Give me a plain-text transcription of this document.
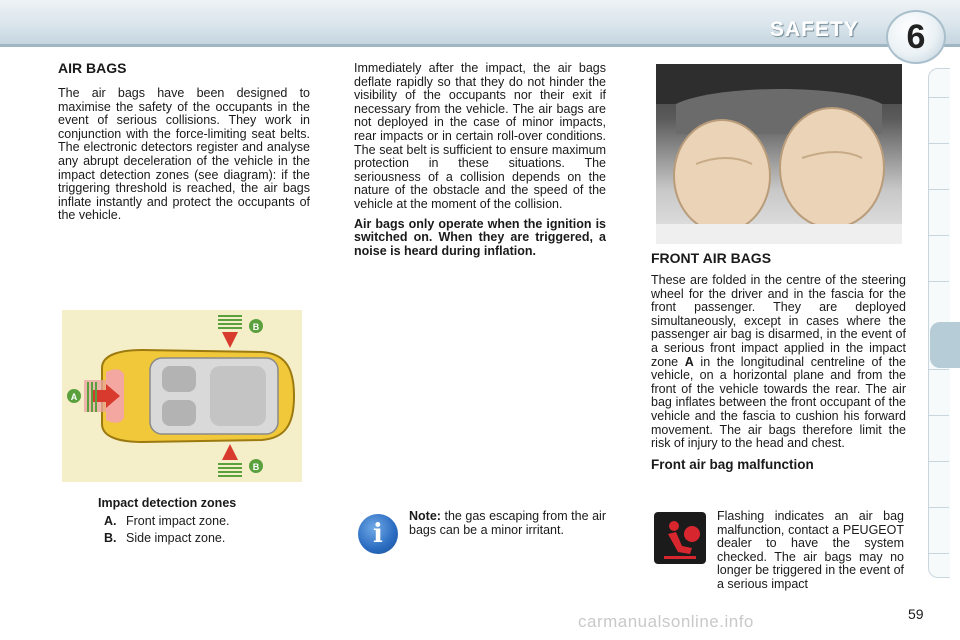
SAFETY	6
AIR BAGS

The air bags have been designed to maximise the safety of the occupants in the event of serious collisions. They work in conjunction with the force-limiting seat belts. The electronic detectors register and analyse any abrupt deceleration of the vehicle in the impact detection zones (see diagram): if the triggering threshold is reached, the air bags inflate instantly and protect the occupants of the vehicle.

B
A
B
Impact detection zones
A. Front impact zone.
B. Side impact zone.

Immediately after the impact, the air bags deflate rapidly so that they do not hinder the visibility of the occupants nor their exit if necessary from the vehicle. The air bags are not deployed in the case of minor impacts, rear impacts or in certain roll-over conditions. The seat belt is sufficient to ensure maximum protection in these situations. The seriousness of a collision depends on the nature of the obstacle and the speed of the vehicle at the moment of the collision.

Air bags only operate when the ignition is switched on. When they are triggered, a noise is heard during inflation.

i
Note: the gas escaping from the air bags can be a minor irritant.
FRONT AIR BAGS

These are folded in the centre of the steering wheel for the driver and in the fascia for the front passenger. They are deployed simultaneously, except in cases where the passenger air bag is disarmed, in the event of a serious front impact applied in the impact zone A in the longitudinal centreline of the vehicle, on a horizontal plane and from the front of the vehicle towards the rear. The air bag inflates between the front occupant of the vehicle and the fascia to cushion his forward movement. The air bags therefore limit the risk of injury to the head and chest.

Front air bag malfunction
Flashing indicates an air bag malfunction, contact a PEUGEOT dealer to have the system checked. The air bags may no longer be triggered in the event of a serious impact
carmanualsonline.info	59
